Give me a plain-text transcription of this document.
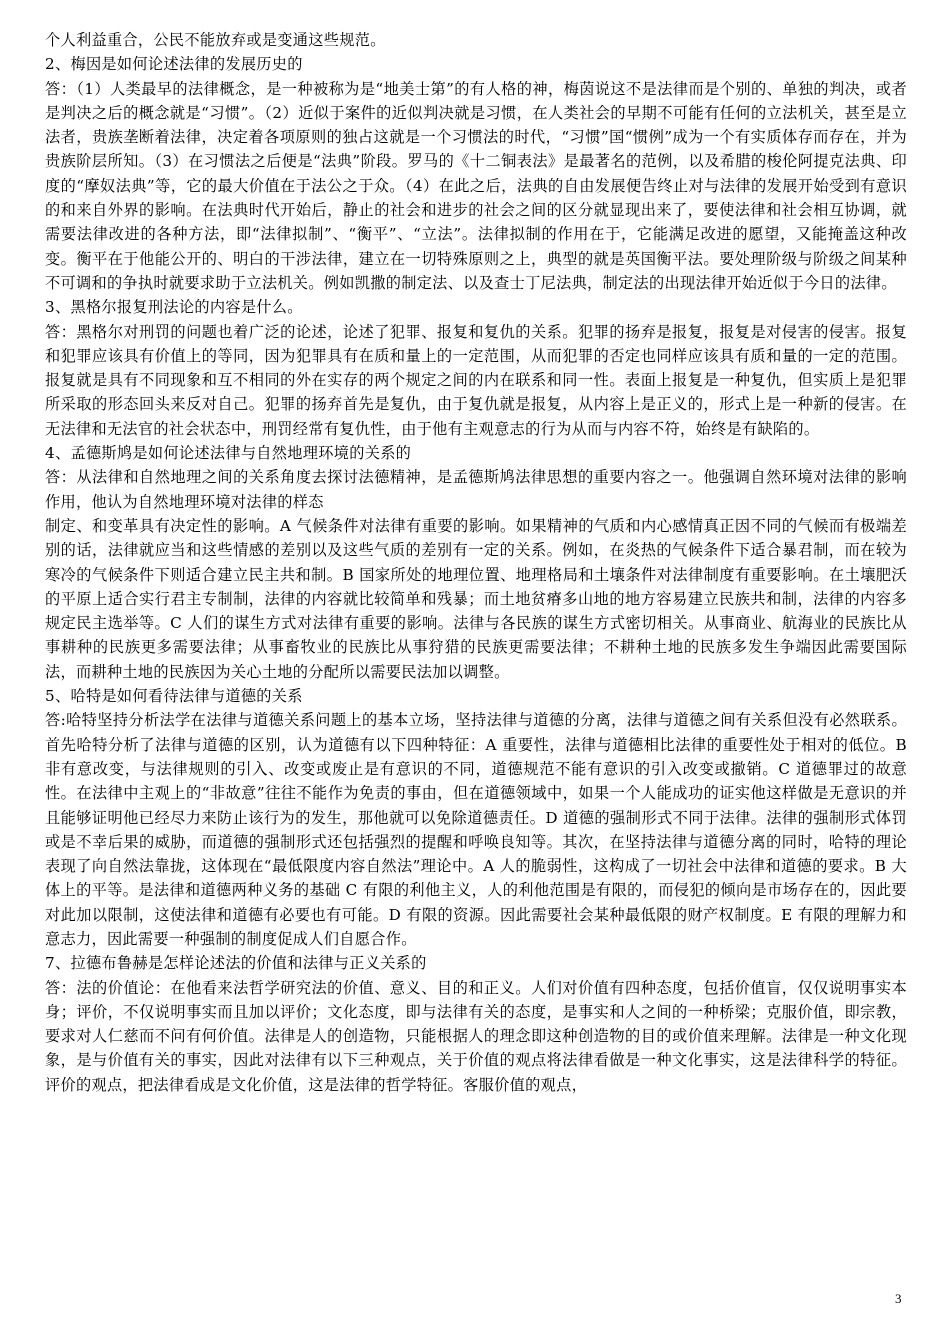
个人利益重合，公民不能放弃或是变通这些规范。

2、梅因是如何论述法律的发展历史的

答：（1）人类最早的法律概念，是一种被称为是“地美士第”的有人格的神，梅茵说这不是法律而是个别的、单独的判决，或者是判决之后的概念就是“习惯”。（2）近似于案件的近似判决就是习惯，在人类社会的早期不可能有任何的立法机关，甚至是立法者，贵族垄断着法律，决定着各项原则的独占这就是一个习惯法的时代，“习惯”国“惯例”成为一个有实质体存而存在，并为贵族阶层所知。（3）在习惯法之后便是“法典”阶段。罗马的《十二铜表法》是最著名的范例，以及希腊的梭伦阿提克法典、印度的“摩奴法典”等，它的最大价值在于法公之于众。（4）在此之后，法典的自由发展便告终止对与法律的发展开始受到有意识的和来自外界的影响。在法典时代开始后，静止的社会和进步的社会之间的区分就显现出来了，要使法律和社会相互协调，就需要法律改进的各种方法，即“法律拟制”、“衡平”、“立法”。法律拟制的作用在于，它能满足改进的愿望，又能掩盖这种改变。衡平在于他能公开的、明白的干涉法律，建立在一切特殊原则之上，典型的就是英国衡平法。要处理阶级与阶级之间某种不可调和的争执时就要求助于立法机关。例如凯撒的制定法、以及查士丁尼法典，制定法的出现法律开始近似于今日的法律。

3、黑格尔报复刑法论的内容是什么。

答：黑格尔对刑罚的问题也着广泛的论述，论述了犯罪、报复和复仇的关系。犯罪的扬弃是报复，报复是对侵害的侵害。报复和犯罪应该具有价值上的等同，因为犯罪具有在质和量上的一定范围，从而犯罪的否定也同样应该具有质和量的一定的范围。报复就是具有不同现象和互不相同的外在实存的两个规定之间的内在联系和同一性。表面上报复是一种复仇，但实质上是犯罪所采取的形态回头来反对自己。犯罪的扬弃首先是复仇，由于复仇就是报复，从内容上是正义的，形式上是一种新的侵害。在无法律和无法官的社会状态中，刑罚经常有复仇性，由于他有主观意志的行为从而与内容不符，始终是有缺陷的。

4、孟德斯鸠是如何论述法律与自然地理环境的关系的

答：从法律和自然地理之间的关系角度去探讨法德精神，是孟德斯鸠法律思想的重要内容之一。他强调自然环境对法律的影响作用，他认为自然地理环境对法律的样态

制定、和变革具有决定性的影响。A 气候条件对法律有重要的影响。如果精神的气质和内心感情真正因不同的气候而有极端差别的话，法律就应当和这些情感的差别以及这些气质的差别有一定的关系。例如，在炎热的气候条件下适合暴君制，而在较为寒冷的气候条件下则适合建立民主共和制。B 国家所处的地理位置、地理格局和土壤条件对法律制度有重要影响。在土壤肥沃的平原上适合实行君主专制制，法律的内容就比较简单和残暴；而土地贫瘠多山地的地方容易建立民族共和制，法律的内容多规定民主选举等。C 人们的谋生方式对法律有重要的影响。法律与各民族的谋生方式密切相关。从事商业、航海业的民族比从事耕种的民族更多需要法律；从事畜牧业的民族比从事狩猎的民族更需要法律；不耕种土地的民族多发生争端因此需要国际法，而耕种土地的民族因为关心土地的分配所以需要民法加以调整。

5、哈特是如何看待法律与道德的关系

答:哈特坚持分析法学在法律与道德关系问题上的基本立场，坚持法律与道德的分离，法律与道德之间有关系但没有必然联系。首先哈特分析了法律与道德的区别，认为道德有以下四种特征：A 重要性，法律与道德相比法律的重要性处于相对的低位。B 非有意改变，与法律规则的引入、改变或废止是有意识的不同，道德规范不能有意识的引入改变或撤销。C 道德罪过的故意性。在法律中主观上的“非故意”往往不能作为免责的事由，但在道德领域中，如果一个人能成功的证实他这样做是无意识的并且能够证明他已经尽力来防止该行为的发生，那他就可以免除道德责任。D 道德的强制形式不同于法律。法律的强制形式体罚或是不幸后果的威胁，而道德的强制形式还包括强烈的提醒和呼唤良知等。其次，在坚持法律与道德分离的同时，哈特的理论表现了向自然法靠拢，这体现在“最低限度内容自然法”理论中。A 人的脆弱性，这构成了一切社会中法律和道德的要求。B 大体上的平等。是法律和道德两种义务的基础 C 有限的利他主义，人的利他范围是有限的，而侵犯的倾向是市场存在的，因此要对此加以限制，这使法律和道德有必要也有可能。D 有限的资源。因此需要社会某种最低限的财产权制度。E 有限的理解力和意志力，因此需要一种强制的制度促成人们自愿合作。

7、拉德布鲁赫是怎样论述法的价值和法律与正义关系的

答：法的价值论：在他看来法哲学研究法的价值、意义、目的和正义。人们对价值有四种态度，包括价值盲，仅仅说明事实本身；评价，不仅说明事实而且加以评价；文化态度，即与法律有关的态度，是事实和人之间的一种桥梁；克服价值，即宗教，要求对人仁慈而不问有何价值。法律是人的创造物，只能根据人的理念即这种创造物的目的或价值来理解。法律是一种文化现象，是与价值有关的事实，因此对法律有以下三种观点，关于价值的观点将法律看做是一种文化事实，这是法律科学的特征。评价的观点，把法律看成是文化价值，这是法律的哲学特征。客服价值的观点，

3
